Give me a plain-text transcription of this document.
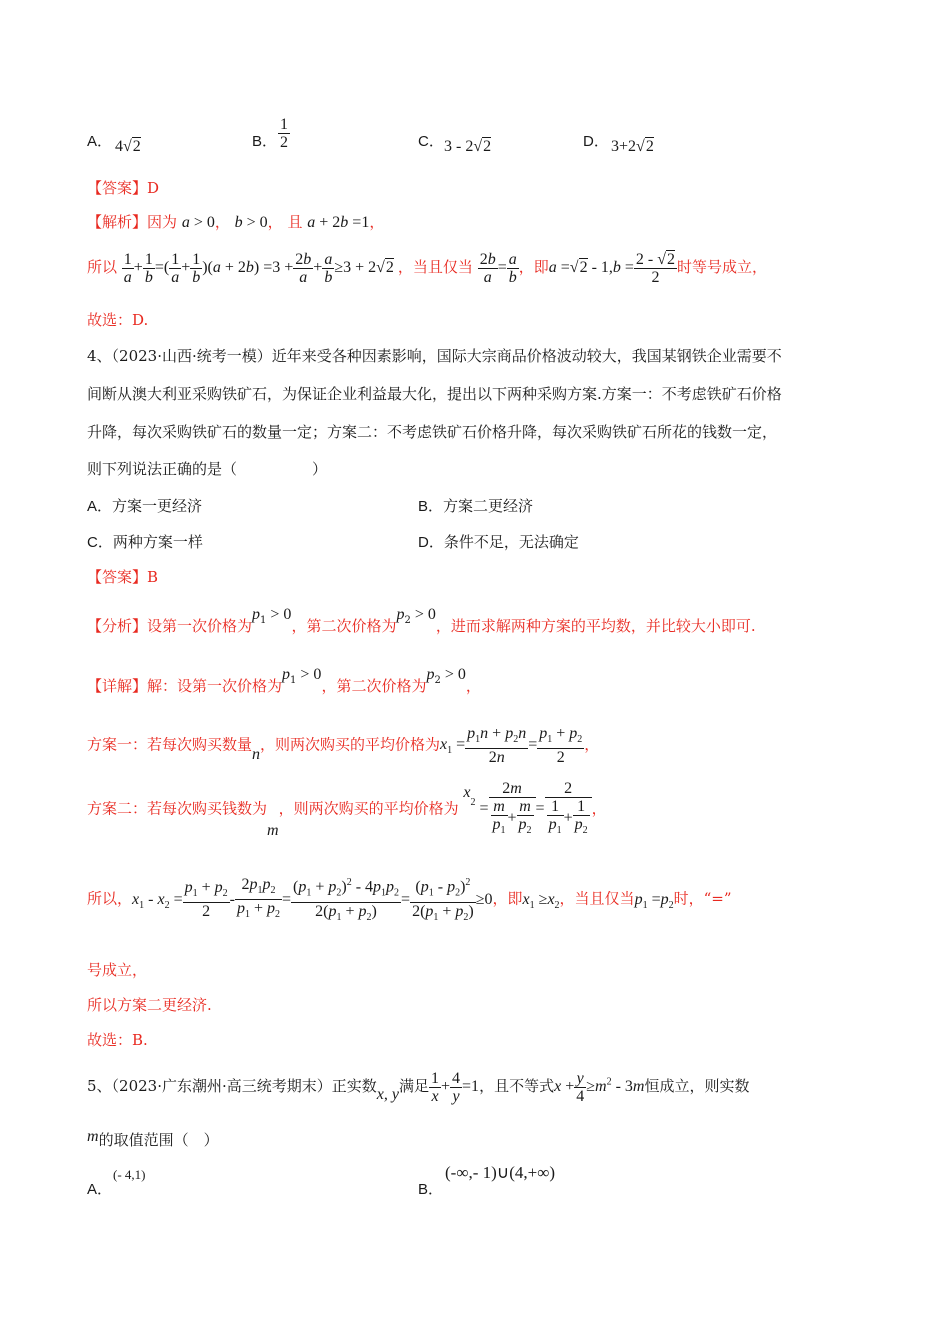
A． 4√2	B． $\frac{1}{2}$	C． 3 - 2√2	D． 3+2√2
【答案】D
【解析】因为 a > 0， b > 0， 且 a + 2b =1，
所以 $\frac{1}{a} + \frac{1}{b}$ =( $\frac{1}{a} + \frac{1}{b} )(a + 2b) =3 + \frac{2b}{a} + \frac{a}{b} \ge 3 + 2√2$ ，当且仅当 $\frac{2b}{a} = \frac{a}{b}$ ，即$a =√2 - 1,b = \frac{2 - √2}{2}$ 时等号成立，
故选：D.
4、（2023·山西·统考一模）近年来受各种因素影响，国际大宗商品价格波动较大，我国某钢铁企业需要不
间断从澳大利亚采购铁矿石，为保证企业利益最大化，提出以下两种采购方案.方案一：不考虑铁矿石价格
升降，每次采购铁矿石的数量一定；方案二：不考虑铁矿石价格升降，每次采购铁矿石所花的钱数一定，
则下列说法正确的是（　　　　　）
A．方案一更经济	B．方案二更经济
C．两种方案一样	D．条件不足，无法确定
【答案】B
【分析】设第一次价格为$p_1 > 0$，第二次价格为$p_2 > 0$，进而求解两种方案的平均数，并比较大小即可.
【详解】解：设第一次价格为$p_1 > 0$，第二次价格为$p_2 > 0$，
方案一：若每次购买数量n，则两次购买的平均价格为$x_1 = \frac{p_1n + p_2n}{2n} = \frac{p_1 + p_2}{2}$ ，
方案二：若每次购买钱数为m，则两次购买的平均价格为 $x_2 = \frac{2m}{\frac{m}{p_1} + \frac{m}{p_2}} = \frac{2}{\frac{1}{p_1} + \frac{1}{p_2}}$ ，
所以，$x_1 - x_2 = \frac{p_1 + p_2}{2} - \frac{2p_1p_2}{p_1 + p_2} = \frac{(p_1 + p_2)^2 - 4p_1p_2}{2(p_1 + p_2)} = \frac{(p_1 - p_2)^2}{2(p_1 + p_2)} \ge 0$，即$x_1 \ge x_2$，当且仅当$p_1 =p_2$时，“=”
号成立，
所以方案二更经济.
故选：B.
5、（2023·广东潮州·高三统考期末）正实数x, y满足 $\frac{1}{x} + \frac{4}{y} =1$，且不等式$x + \frac{y}{4} \ge m^2 - 3m$恒成立，则实数
m的取值范围（　）
A．
(- 4,1)
B．
(-∞,- 1)∪(4,+∞)
